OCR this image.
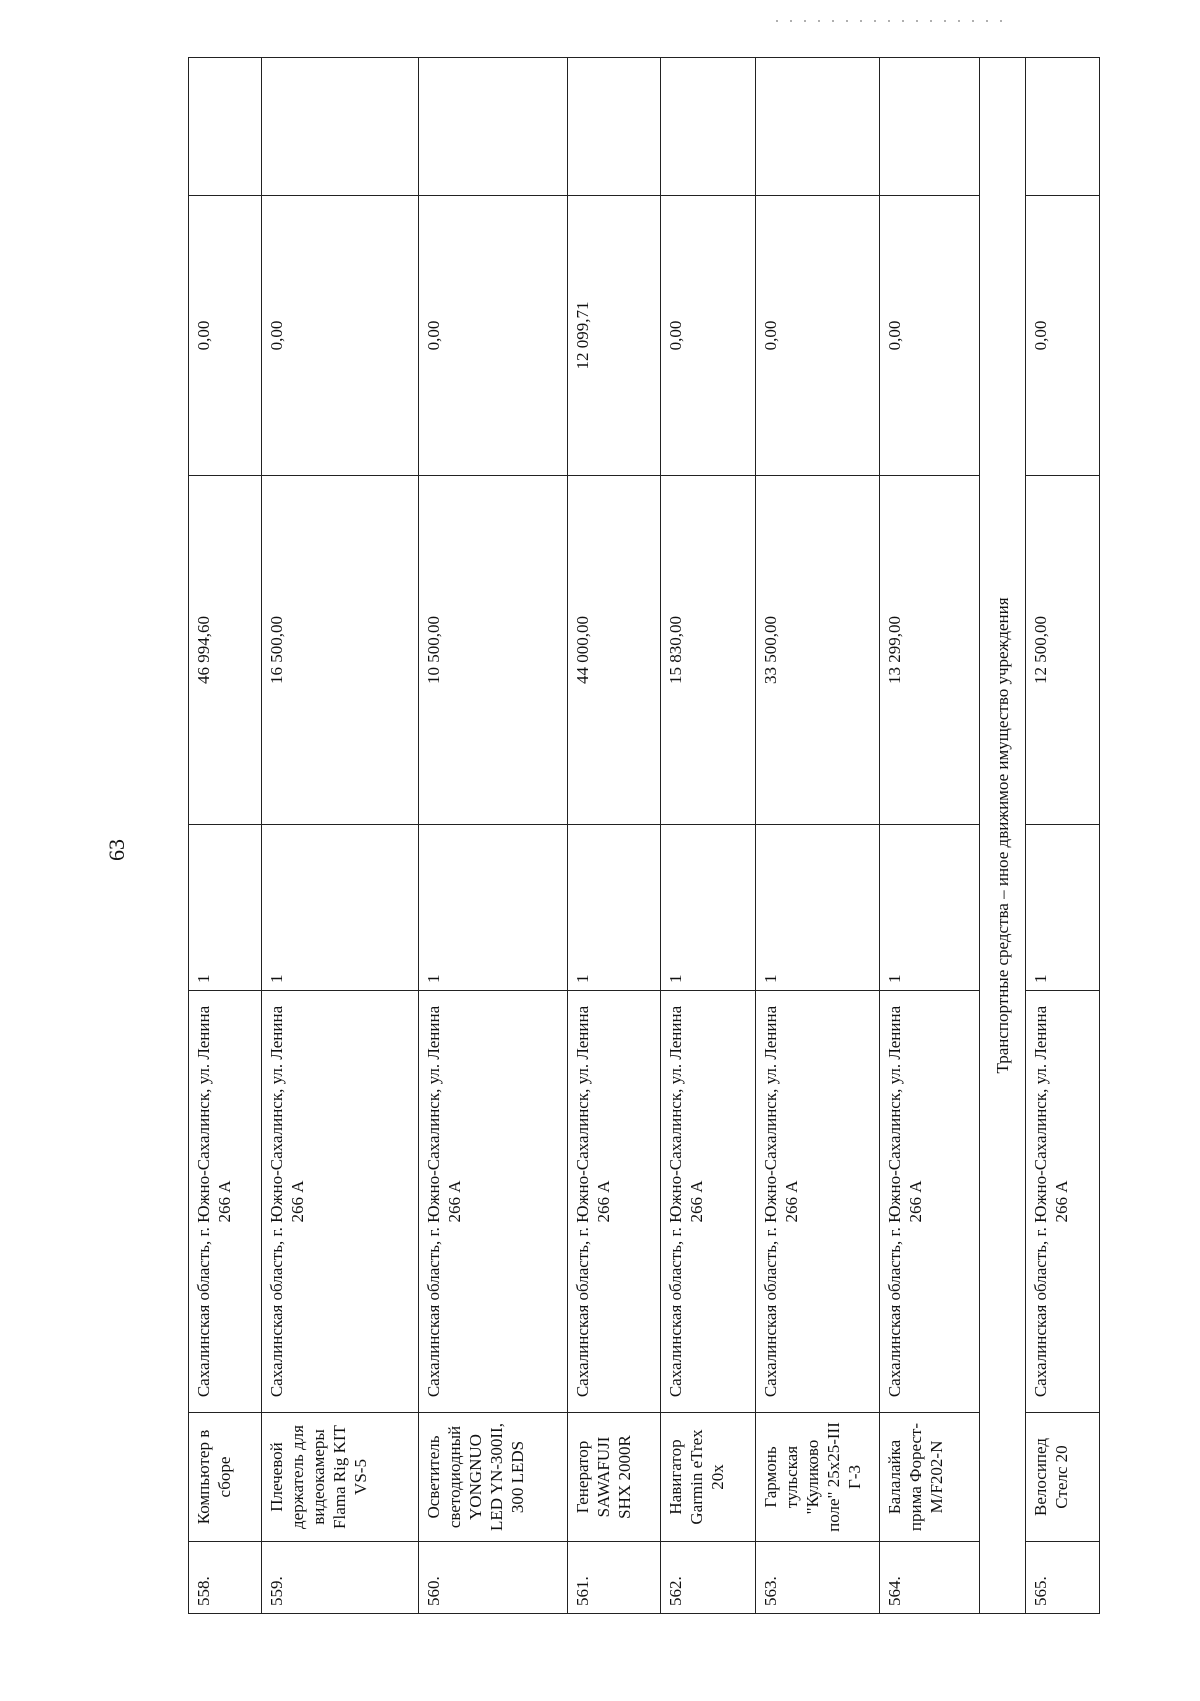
63
558.	Компьютер в сборе	Сахалинская область, г. Южно-Сахалинск, ул. Ленина 266 А	1	46 994,60	0,00	
559.	Плечевой держатель для видеокамеры Flama Rig KIT VS-5	Сахалинская область, г. Южно-Сахалинск, ул. Ленина 266 А	1	16 500,00	0,00	
560.	Осветитель светодиодный YONGNUO LED YN-300II, 300 LEDS	Сахалинская область, г. Южно-Сахалинск, ул. Ленина 266 А	1	10 500,00	0,00	
561.	Генератор SAWAFUJI SHX 2000R	Сахалинская область, г. Южно-Сахалинск, ул. Ленина 266 А	1	44 000,00	12 099,71	
562.	Навигатор Garmin eTrex 20x	Сахалинская область, г. Южно-Сахалинск, ул. Ленина 266 А	1	15 830,00	0,00	
563.	Гармонь тульская "Куликово поле" 25х25-III Г-3	Сахалинская область, г. Южно-Сахалинск, ул. Ленина 266 А	1	33 500,00	0,00	
564.	Балалайка прима Форест-M/F202-N	Сахалинская область, г. Южно-Сахалинск, ул. Ленина 266 А	1	13 299,00	0,00	
Транспортные средства – иное движимое имущество учреждения						
565.	Велосипед Стелс 20	Сахалинская область, г. Южно-Сахалинск, ул. Ленина 266 А	1	12 500,00	0,00	
